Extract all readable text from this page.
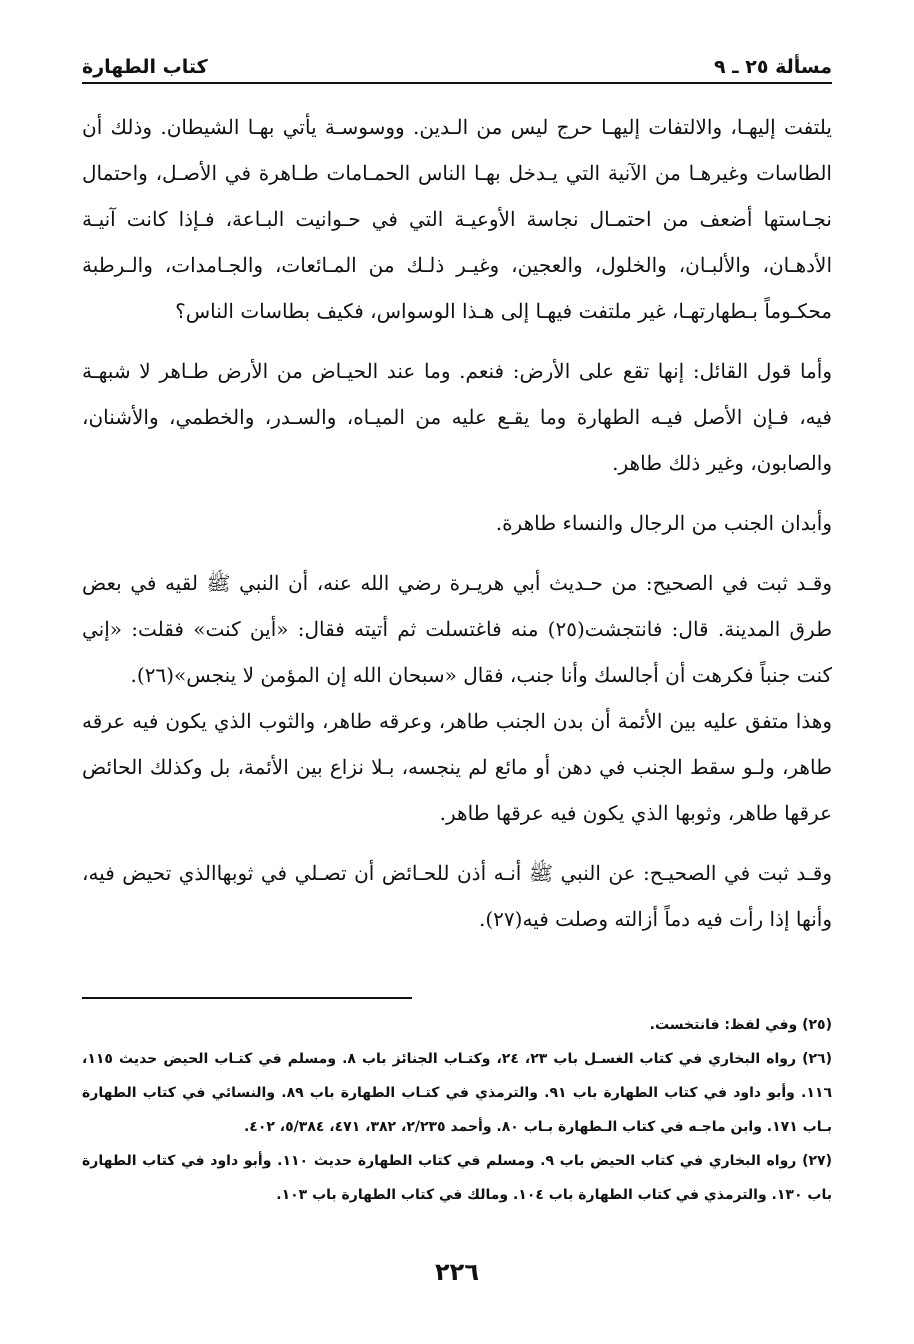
مسألة ٢٥ ـ ٩
كتاب الطهارة

يلتفت إليهـا، والالتفات إليهـا حرج ليس من الـدين. ووسوسـة يأتي بهـا الشيطان. وذلك أن الطاسات وغيرهـا من الآنية التي يـدخل بهـا الناس الحمـامات طـاهرة في الأصـل، واحتمال نجـاستها أضعف من احتمـال نجاسة الأوعيـة التي في حـوانيت البـاعة، فـإذا كانت آنيـة الأدهـان، والألبـان، والخلول، والعجين، وغيـر ذلـك من المـائعات، والجـامدات، والـرطبة محكـوماً بـطهارتهـا، غير ملتفت فيهـا إلى هـذا الوسواس، فكيف بطاسات الناس؟

وأما قول القائل: إنها تقع على الأرض: فنعم. وما عند الحيـاض من الأرض طـاهر لا شبهـة فيه، فـإن الأصل فيـه الطهارة وما يقـع عليه من الميـاه، والسـدر، والخطمي، والأشنان، والصابون، وغير ذلك طاهر.

وأبدان الجنب من الرجال والنساء طاهرة.

وقـد ثبت في الصحيح: من حـديث أبي هريـرة رضي الله عنه، أن النبي ﷺ لقيه في بعض طرق المدينة. قال: فانتجشت(٢٥) منه فاغتسلت ثم أتيته فقال: «أين كنت» فقلت: «إني كنت جنباً فكرهت أن أجالسك وأنا جنب، فقال «سبحان الله إن المؤمن لا ينجس»(٢٦).

وهذا متفق عليه بين الأئمة أن بدن الجنب طاهر، وعرقه طاهر، والثوب الذي يكون فيه عرقه طاهر، ولـو سقط الجنب في دهن أو مائع لم ينجسه، بـلا نزاع بين الأئمة، بل وكذلك الحائض عرقها طاهر، وثوبها الذي يكون فيه عرقها طاهر.

وقـد ثبت في الصحيـح: عن النبي ﷺ أنـه أذن للحـائض أن تصـلي في ثوبهاالذي تحيض فيه، وأنها إذا رأت فيه دماً أزالته وصلت فيه(٢٧).

(٢٥) وفي لفظ: فانتخست.

(٢٦) رواه البخاري في كتاب الغسـل باب ٢٣، ٢٤، وكتـاب الجنائز باب ٨. ومسلم في كتـاب الحيض حديث ١١٥، ١١٦. وأبو داود في كتاب الطهارة باب ٩١. والترمذي في كتـاب الطهارة باب ٨٩. والنسائي في كتاب الطهارة بـاب ١٧١. وابن ماجـه في كتاب الـطهارة بـاب ٨٠. وأحمد ٢/٢٣٥، ٣٨٢، ٤٧١، ٥/٣٨٤، ٤٠٢.

(٢٧) رواه البخاري في كتاب الحيض باب ٩. ومسلم في كتاب الطهارة حديث ١١٠. وأبو داود في كتاب الطهارة باب ١٣٠. والترمذي في كتاب الطهارة باب ١٠٤. ومالك في كتاب الطهارة باب ١٠٣.

٢٢٦
